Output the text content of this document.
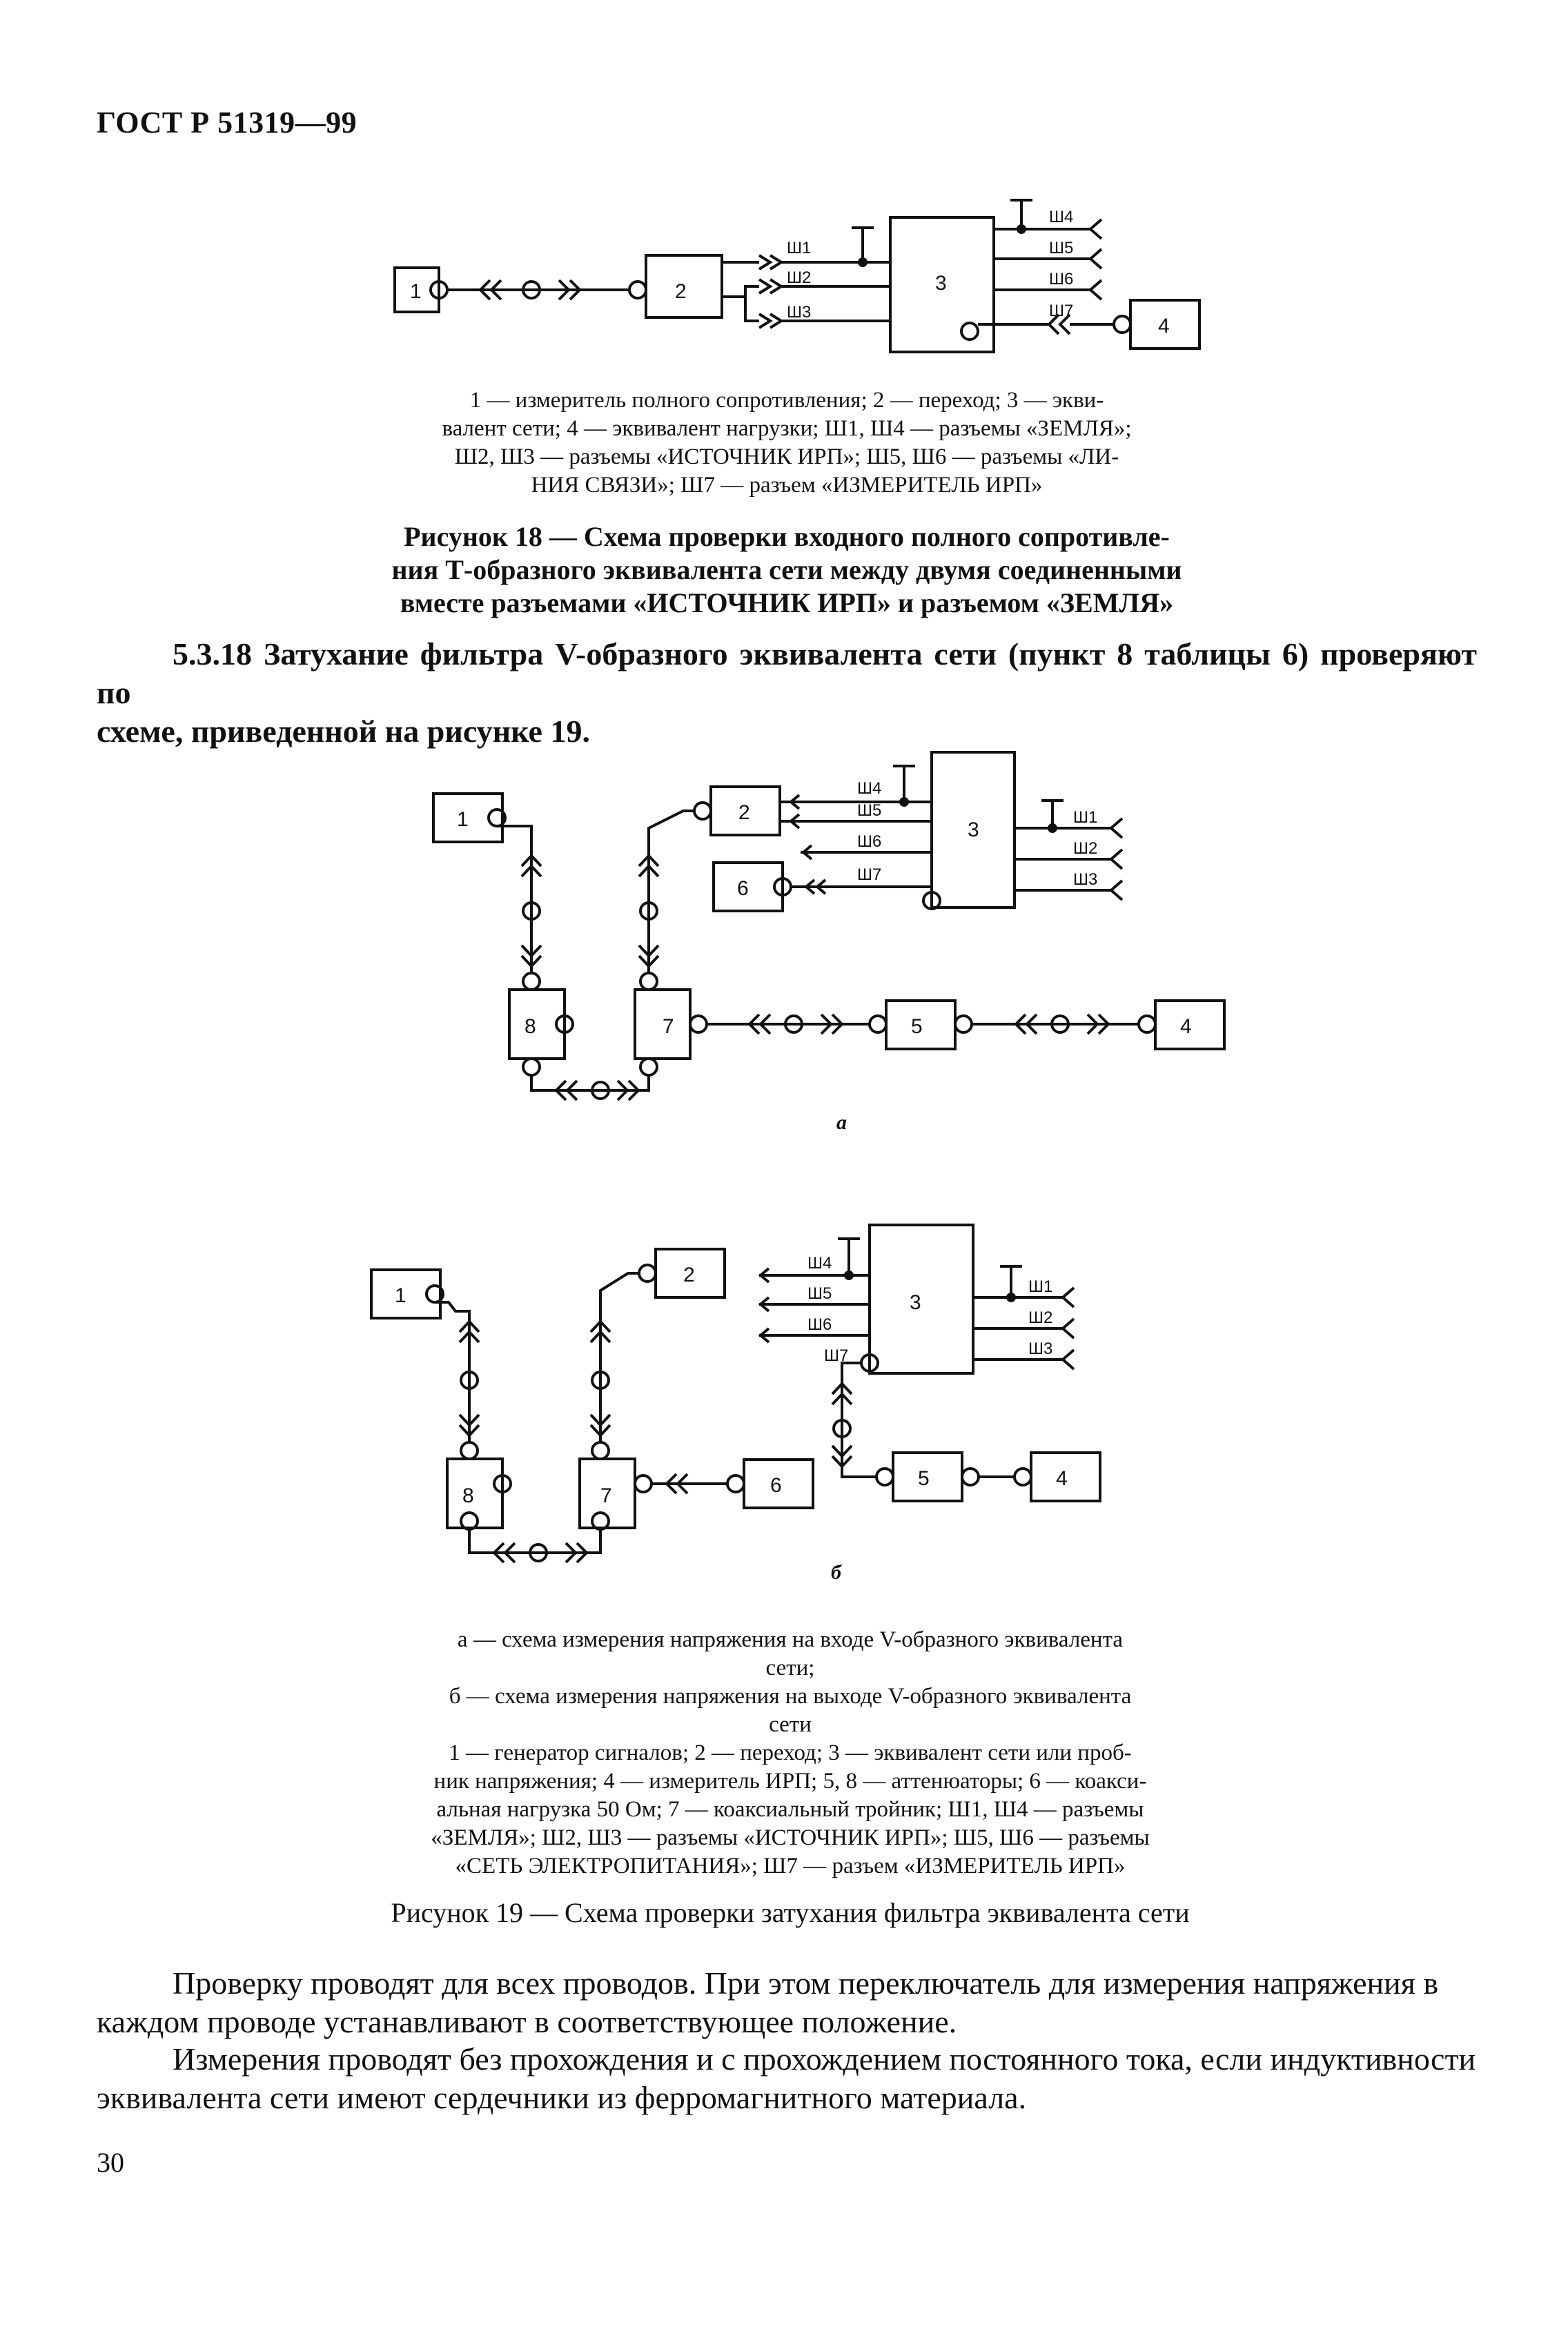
ГОСТ Р 51319—99
1	2
Ш1
Ш2
Ш3
3
Ш4
Ш5
Ш6
Ш7
4
1 — измеритель полного сопротивления; 2 — переход; 3 — экви-
валент сети; 4 — эквивалент нагрузки; Ш1, Ш4 — разъемы «ЗЕМЛЯ»;
Ш2, Ш3 — разъемы «ИСТОЧНИК ИРП»; Ш5, Ш6 — разъемы «ЛИ-
НИЯ СВЯЗИ»; Ш7 — разъем «ИЗМЕРИТЕЛЬ ИРП»
Рисунок 18 — Схема проверки входного полного сопротивле-
ния Т-образного эквивалента сети между двумя соединенными
вместе разъемами «ИСТОЧНИК ИРП» и разъемом «ЗЕМЛЯ»
5.3.18 Затухание фильтра V-образного эквивалента сети (пункт 8 таблицы 6) проверяют по
схеме, приведенной на рисунке 19.
1
8	7
2
Ш4
Ш5
Ш6
6
Ш7
3
Ш1
Ш2
Ш3
5	4
а
1
8	7
2
6
Ш4
Ш5
Ш6
3
Ш7
5	4
Ш1
Ш2
Ш3
б
а — схема измерения напряжения на входе V-образного эквивалента
сети;
б — схема измерения напряжения на выходе V-образного эквивалента
сети
1 — генератор сигналов; 2 — переход; 3 — эквивалент сети или проб-
ник напряжения; 4 — измеритель ИРП; 5, 8 — аттенюаторы; 6 — коакси-
альная нагрузка 50 Ом; 7 — коаксиальный тройник; Ш1, Ш4 — разъемы
«ЗЕМЛЯ»; Ш2, Ш3 — разъемы «ИСТОЧНИК ИРП»; Ш5, Ш6 — разъемы
«СЕТЬ ЭЛЕКТРОПИТАНИЯ»; Ш7 — разъем «ИЗМЕРИТЕЛЬ ИРП»
Рисунок 19 — Схема проверки затухания фильтра эквивалента сети
Проверку проводят для всех проводов. При этом переключатель для измерения напряжения в
каждом проводе устанавливают в соответствующее положение.
Измерения проводят без прохождения и с прохождением постоянного тока, если индуктивности
эквивалента сети имеют сердечники из ферромагнитного материала.
30
